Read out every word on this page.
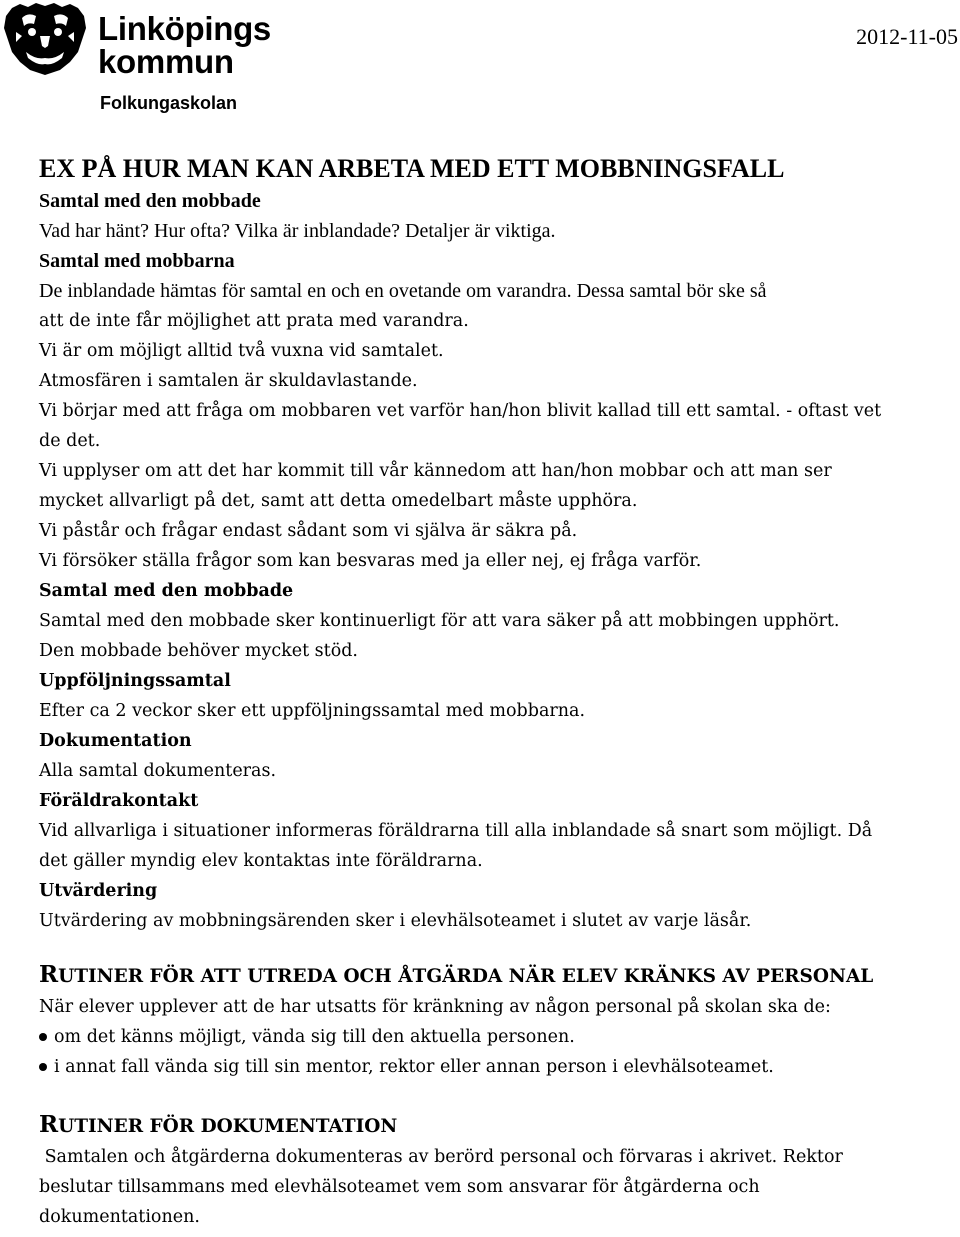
Linköpings
kommun
Folkungaskolan
2012-11-05

EX PÅ HUR MAN KAN ARBETA MED ETT MOBBNINGSFALL

Samtal med den mobbade

Vad har hänt? Hur ofta? Vilka är inblandade? Detaljer är viktiga.

Samtal med mobbarna

De inblandade hämtas för samtal en och en ovetande om varandra. Dessa samtal bör ske så

att de inte får möjlighet att prata med varandra.

Vi är om möjligt alltid två vuxna vid samtalet.

Atmosfären i samtalen är skuldavlastande.

Vi börjar med att fråga om mobbaren vet varför han/hon blivit kallad till ett samtal. - oftast vet

de det.

Vi upplyser om att det har kommit till vår kännedom att han/hon mobbar och att man ser

mycket allvarligt på det, samt att detta omedelbart måste upphöra.

Vi påstår och frågar endast sådant som vi själva är säkra på.

Vi försöker ställa frågor som kan besvaras med ja eller nej, ej fråga varför.

Samtal med den mobbade

Samtal med den mobbade sker kontinuerligt för att vara säker på att mobbingen upphört.

Den mobbade behöver mycket stöd.

Uppföljningssamtal

Efter ca 2 veckor sker ett uppföljningssamtal med mobbarna.

Dokumentation

Alla samtal dokumenteras.

Föräldrakontakt

Vid allvarliga i situationer informeras föräldrarna till alla inblandade så snart som möjligt. Då

det gäller myndig elev kontaktas inte föräldrarna.

Utvärdering

Utvärdering av mobbningsärenden sker i elevhälsoteamet i slutet av varje läsår.

RUTINER FÖR ATT UTREDA OCH ÅTGÄRDA NÄR ELEV KRÄNKS AV PERSONAL

När elever upplever att de har utsatts för kränkning av någon personal på skolan ska de:

om det känns möjligt, vända sig till den aktuella personen.

i annat fall vända sig till sin mentor, rektor eller annan person i elevhälsoteamet.

RUTINER FÖR DOKUMENTATION

Samtalen och åtgärderna dokumenteras av berörd personal och förvaras i akrivet. Rektor

beslutar tillsammans med elevhälsoteamet vem som ansvarar för åtgärderna och

dokumentationen.
